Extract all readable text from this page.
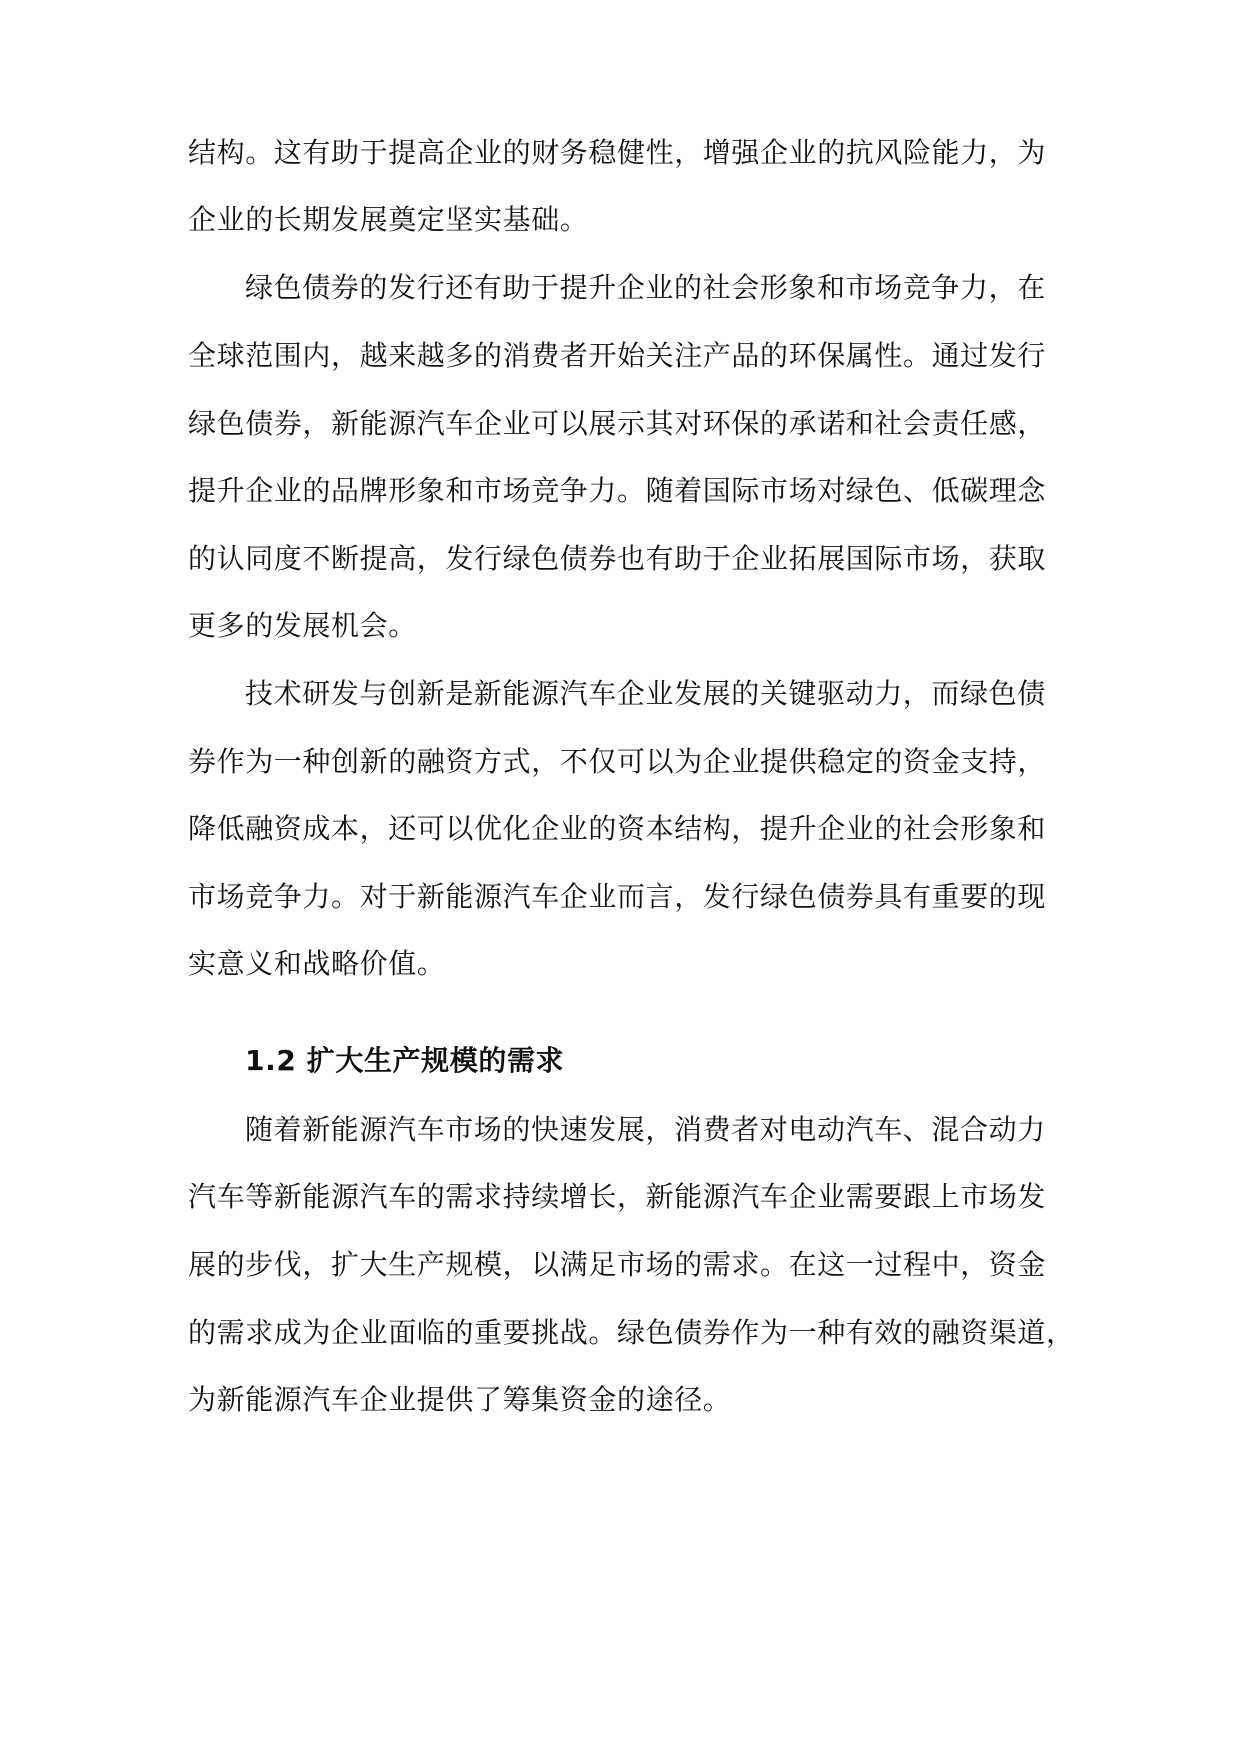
结构。这有助于提高企业的财务稳健性，增强企业的抗风险能力，为
企业的长期发展奠定坚实基础。
绿色债券的发行还有助于提升企业的社会形象和市场竞争力，在
全球范围内，越来越多的消费者开始关注产品的环保属性。通过发行
绿色债券，新能源汽车企业可以展示其对环保的承诺和社会责任感，
提升企业的品牌形象和市场竞争力。随着国际市场对绿色、低碳理念
的认同度不断提高，发行绿色债券也有助于企业拓展国际市场，获取
更多的发展机会。
技术研发与创新是新能源汽车企业发展的关键驱动力，而绿色债
券作为一种创新的融资方式，不仅可以为企业提供稳定的资金支持，
降低融资成本，还可以优化企业的资本结构，提升企业的社会形象和
市场竞争力。对于新能源汽车企业而言，发行绿色债券具有重要的现
实意义和战略价值。
1.2 扩大生产规模的需求
随着新能源汽车市场的快速发展，消费者对电动汽车、混合动力
汽车等新能源汽车的需求持续增长，新能源汽车企业需要跟上市场发
展的步伐，扩大生产规模，以满足市场的需求。在这一过程中，资金
的需求成为企业面临的重要挑战。绿色债券作为一种有效的融资渠道，
为新能源汽车企业提供了筹集资金的途径。
